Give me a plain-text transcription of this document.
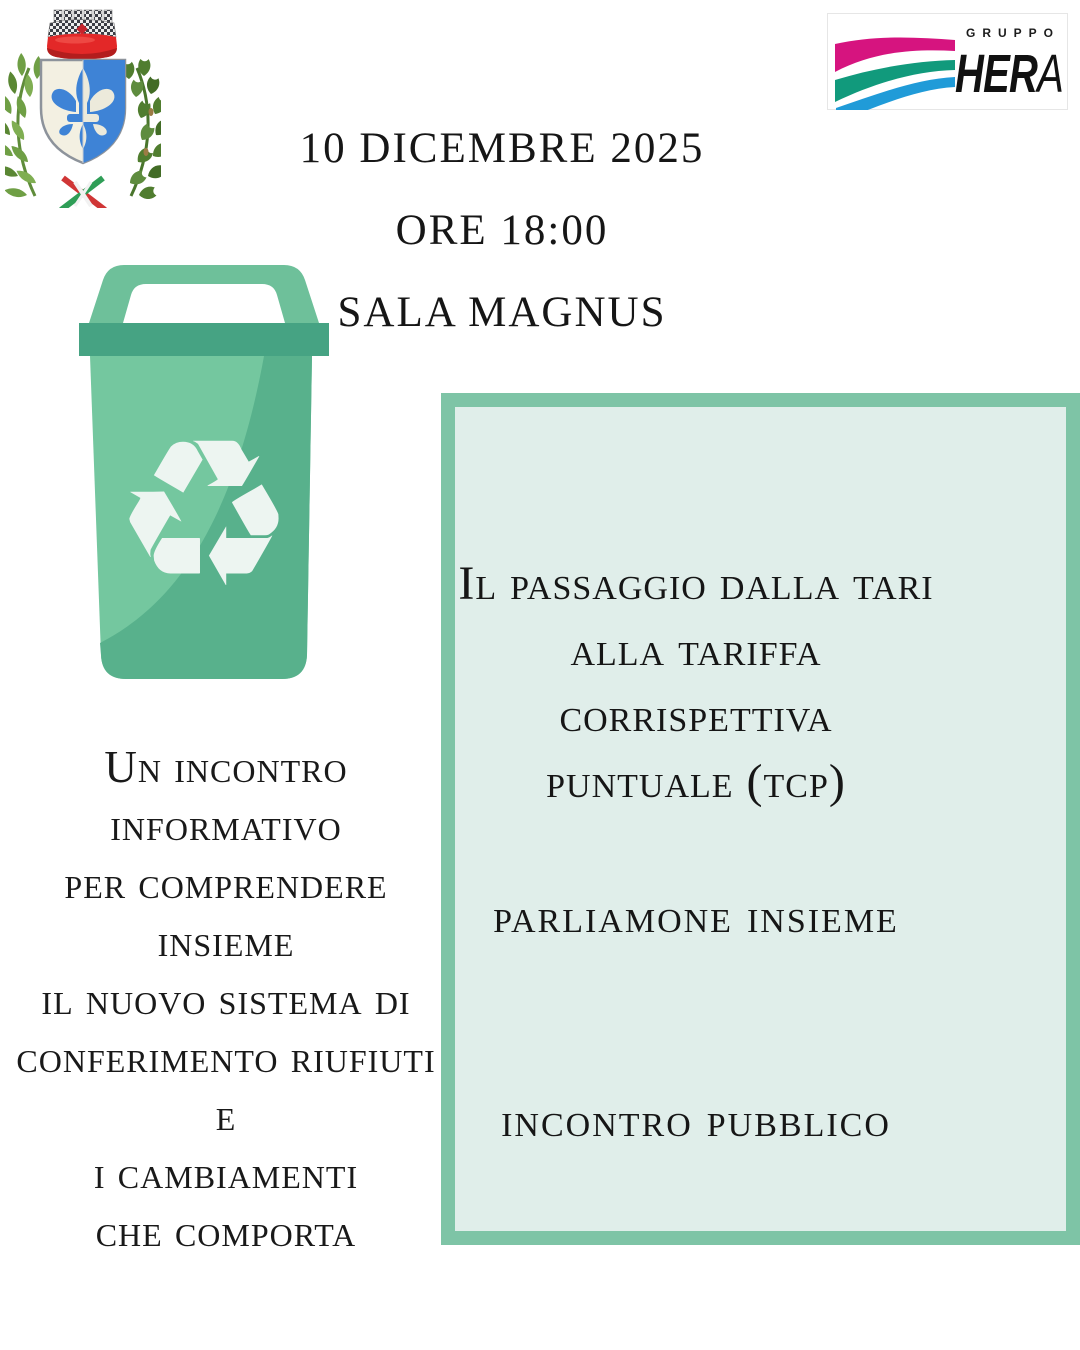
GRUPPO
HERA
10 DICEMBRE 2025
ORE 18:00
SALA MAGNUS
♻
Un incontro
informativo
per comprendere
insieme
il nuovo sistema di
conferimento riufiuti
e
i cambiamenti
che comporta
Il passaggio dalla tari
alla tariffa
corrispettiva
puntuale (tcp)
parliamone insieme
incontro pubblico
